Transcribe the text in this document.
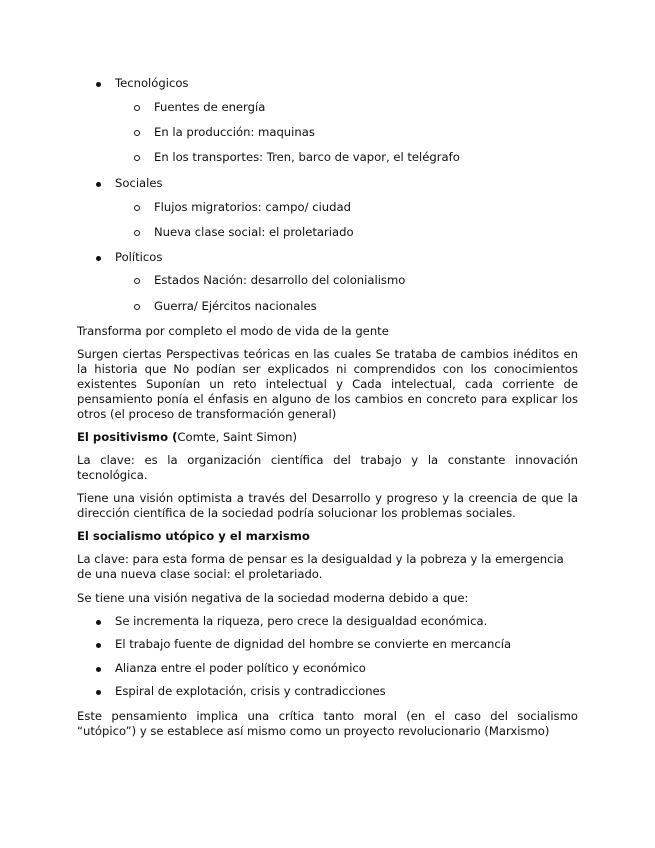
Tecnológicos
Fuentes de energía
En la producción: maquinas
En los transportes: Tren, barco de vapor, el telégrafo
Sociales
Flujos migratorios: campo/ ciudad
Nueva clase social: el proletariado
Políticos
Estados Nación: desarrollo del colonialismo
Guerra/ Ejércitos nacionales

Transforma por completo el modo de vida de la gente

Surgen ciertas Perspectivas teóricas en las cuales Se trataba de cambios inéditos en la historia que No podían ser explicados ni comprendidos con los conocimientos existentes Suponían un reto intelectual y Cada intelectual, cada corriente de pensamiento ponía el énfasis en alguno de los cambios en concreto para explicar los otros (el proceso de transformación general)

El positivismo (Comte, Saint Simon)

La clave: es la organización científica del trabajo y la constante innovación tecnológica.

Tiene una visión optimista a través del Desarrollo y progreso y la creencia de que la dirección científica de la sociedad podría solucionar los problemas sociales.

El socialismo utópico y el marxismo

La clave: para esta forma de pensar es la desigualdad y la pobreza y la emergencia de una nueva clase social: el proletariado.

Se tiene una visión negativa de la sociedad moderna debido a que:

Se incrementa la riqueza, pero crece la desigualdad económica.
El trabajo fuente de dignidad del hombre se convierte en mercancía
Alianza entre el poder político y económico
Espiral de explotación, crisis y contradicciones

Este pensamiento implica una crítica tanto moral (en el caso del socialismo “utópico”) y se establece así mismo como un proyecto revolucionario (Marxismo)
